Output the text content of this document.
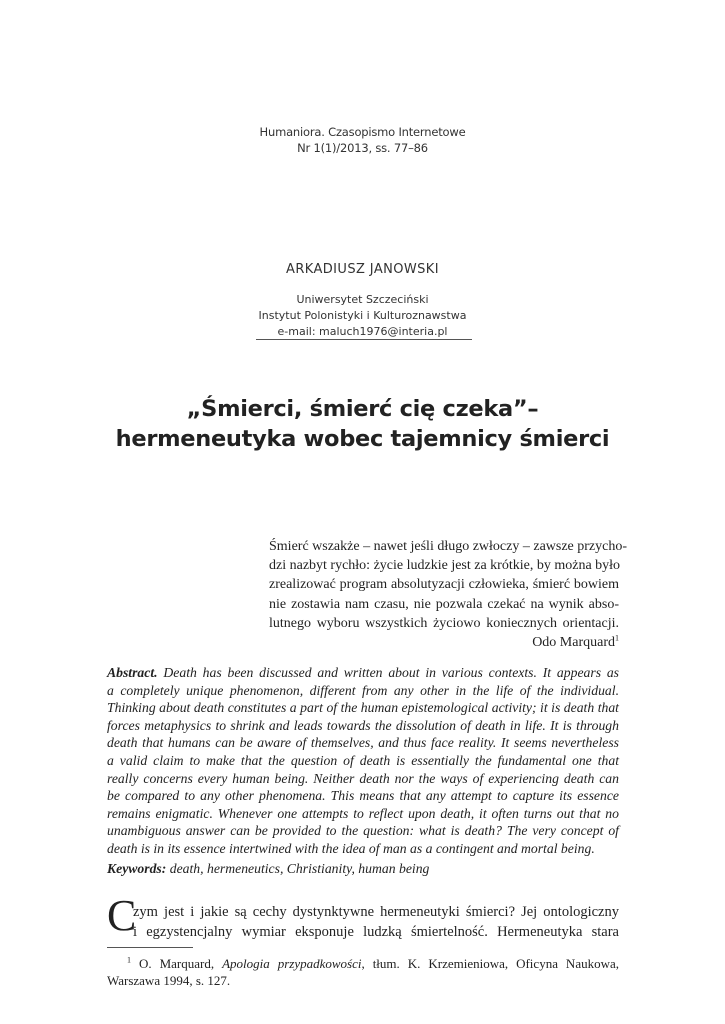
Humaniora. Czasopismo Internetowe
Nr 1(1)/2013, ss. 77–86
ARKADIUSZ JANOWSKI
Uniwersytet Szczeciński
Instytut Polonistyki i Kulturoznawstwa
e-mail: maluch1976@interia.pl
„Śmierci, śmierć cię czeka”–
hermeneutyka wobec tajemnicy śmierci
Śmierć wszakże – nawet jeśli długo zwłoczy – zawsze przycho-
dzi nazbyt rychło: życie ludzkie jest za krótkie, by można było
zrealizować program absolutyzacji człowieka, śmierć bowiem
nie zostawia nam czasu, nie pozwala czekać na wynik abso-
lutnego wyboru wszystkich życiowo koniecznych orientacji.
Odo Marquard$^1$
Abstract. Death has been discussed and written about in various contexts. It appears as
a completely unique phenomenon, different from any other in the life of the individual.
Thinking about death constitutes a part of the human epistemological activity; it is death that
forces metaphysics to shrink and leads towards the dissolution of death in life. It is through
death that humans can be aware of themselves, and thus face reality. It seems nevertheless
a valid claim to make that the question of death is essentially the fundamental one that
really concerns every human being. Neither death nor the ways of experiencing death can
be compared to any other phenomena. This means that any attempt to capture its essence
remains enigmatic. Whenever one attempts to reflect upon death, it often turns out that no
unambiguous answer can be provided to the question: what is death? The very concept of
death is in its essence intertwined with the idea of man as a contingent and mortal being.
Keywords: death, hermeneutics, Christianity, human being
C
zym jest i jakie są cechy dystynktywne hermeneutyki śmierci? Jej ontologiczny
i egzystencjalny wymiar eksponuje ludzką śmiertelność. Hermeneutyka stara
$^1$ O. Marquard, Apologia przypadkowości, tłum. K. Krzemieniowa, Oficyna Naukowa,
Warszawa 1994, s. 127.
